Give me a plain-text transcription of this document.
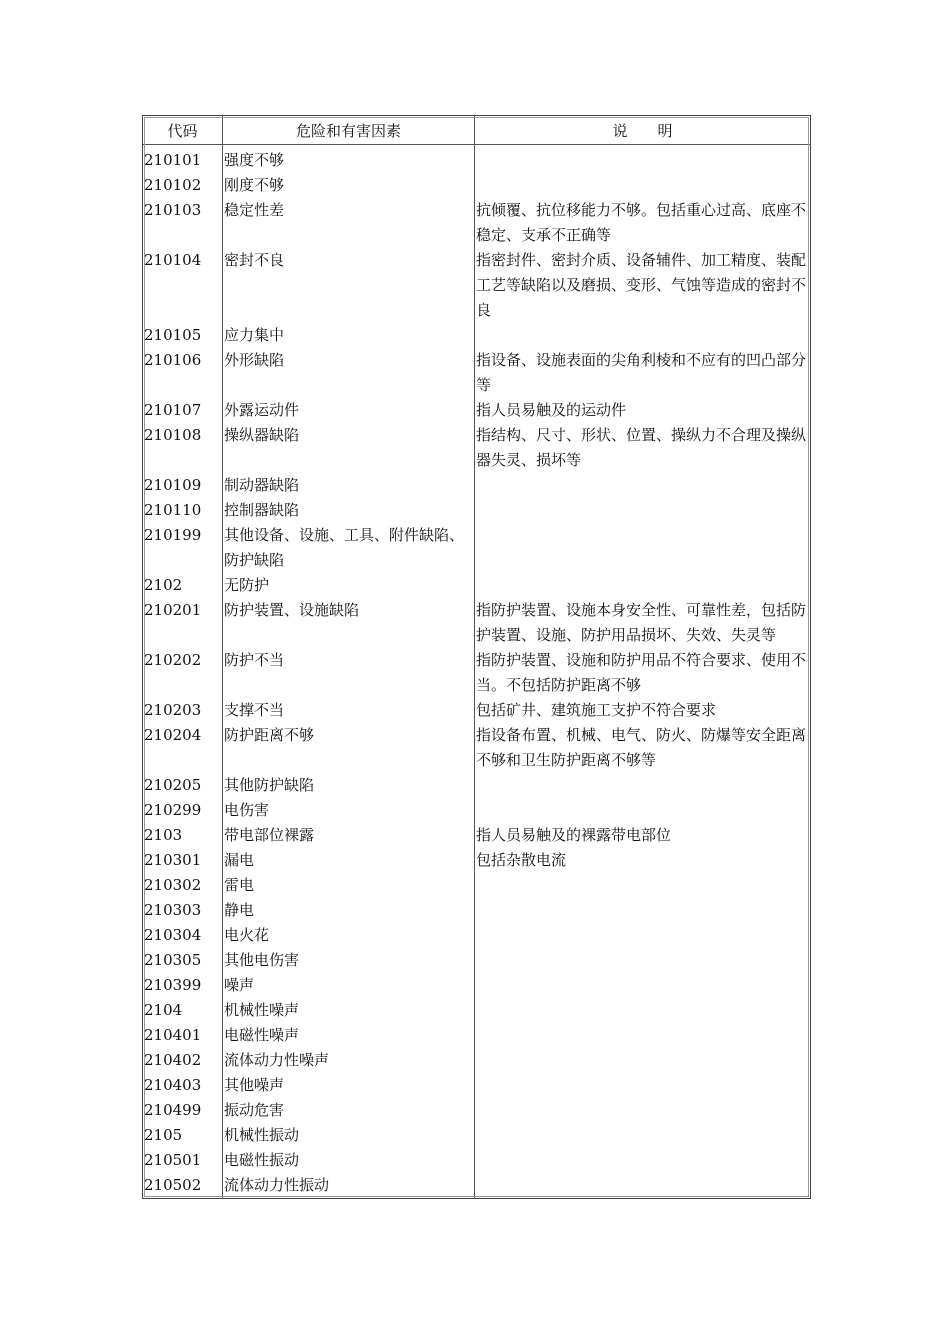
代码	危险和有害因素	说　　明
210101	强度不够	
210102	刚度不够	
210103	稳定性差	抗倾覆、抗位移能力不够。包括重心过高、底座不稳定、支承不正确等
210104	密封不良	指密封件、密封介质、设备辅件、加工精度、装配工艺等缺陷以及磨损、变形、气蚀等造成的密封不良
210105	应力集中	
210106	外形缺陷	指设备、设施表面的尖角利棱和不应有的凹凸部分等
210107	外露运动件	指人员易触及的运动件
210108	操纵器缺陷	指结构、尺寸、形状、位置、操纵力不合理及操纵器失灵、损坏等
210109	制动器缺陷	
210110	控制器缺陷	
210199	其他设备、设施、工具、附件缺陷、防护缺陷	
2102	无防护	
210201	防护装置、设施缺陷	指防护装置、设施本身安全性、可靠性差，包括防护装置、设施、防护用品损坏、失效、失灵等
210202	防护不当	指防护装置、设施和防护用品不符合要求、使用不当。不包括防护距离不够
210203	支撑不当	包括矿井、建筑施工支护不符合要求
210204	防护距离不够	指设备布置、机械、电气、防火、防爆等安全距离不够和卫生防护距离不够等
210205	其他防护缺陷	
210299	电伤害	
2103	带电部位裸露	指人员易触及的裸露带电部位
210301	漏电	包括杂散电流
210302	雷电	
210303	静电	
210304	电火花	
210305	其他电伤害	
210399	噪声	
2104	机械性噪声	
210401	电磁性噪声	
210402	流体动力性噪声	
210403	其他噪声	
210499	振动危害	
2105	机械性振动	
210501	电磁性振动	
210502	流体动力性振动	
